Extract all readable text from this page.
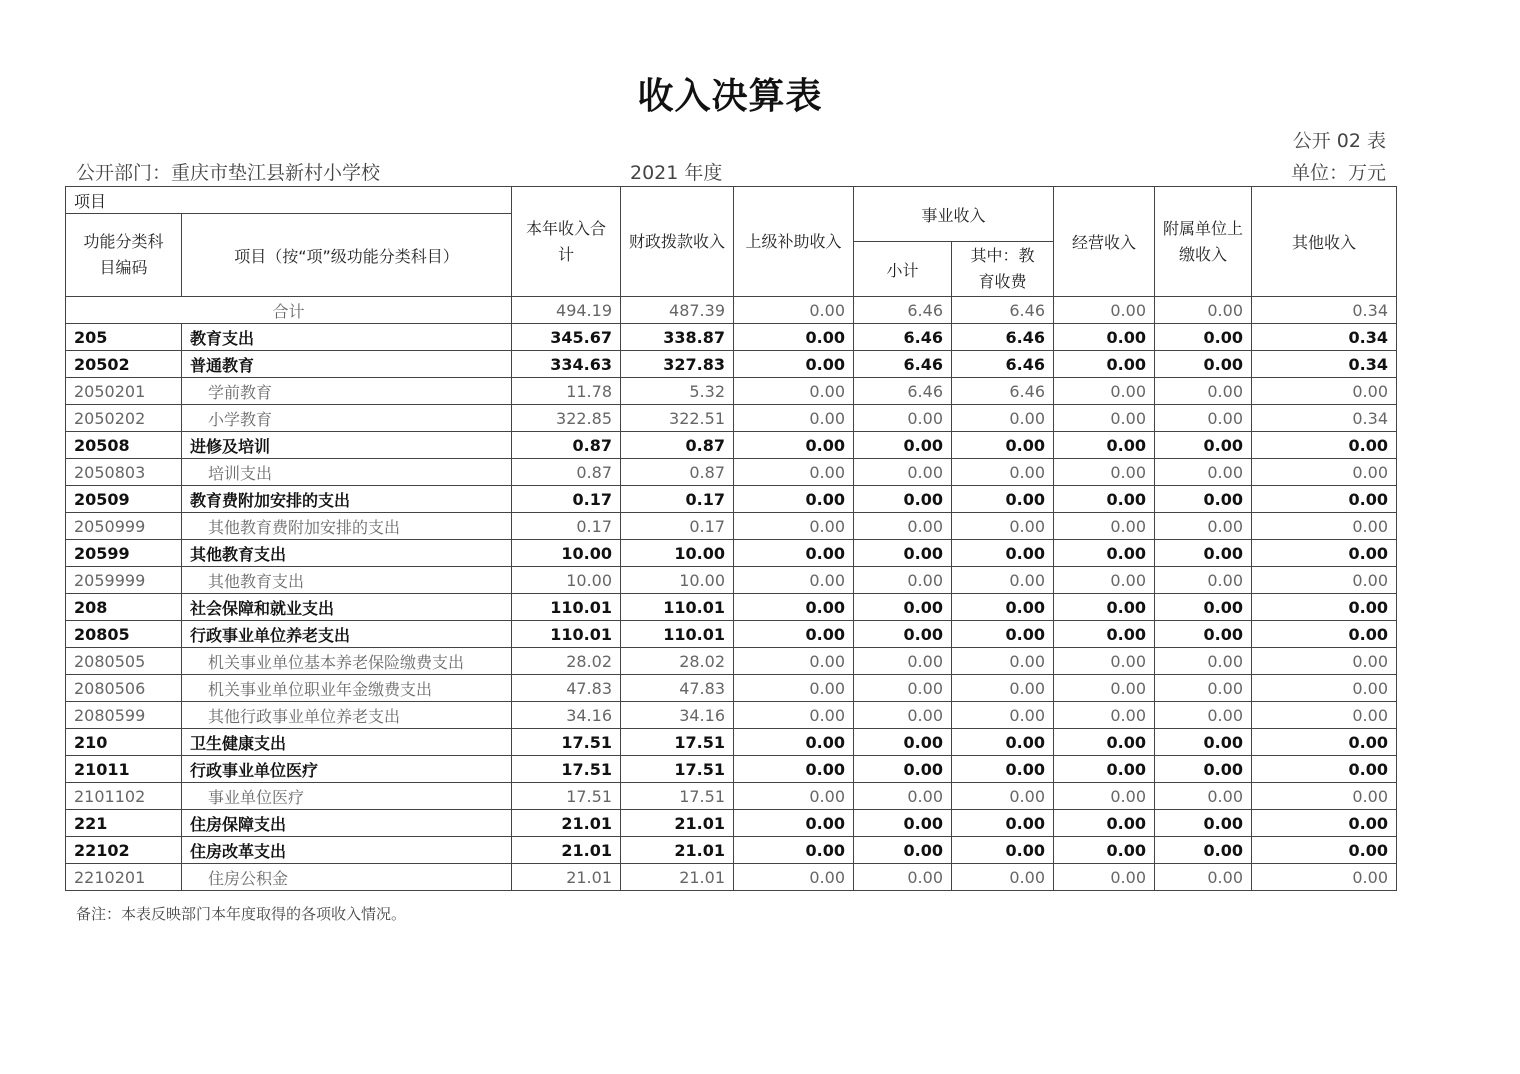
收入决算表
公开 02 表
公开部门：重庆市垫江县新村小学校	2021 年度	单位：万元
项目		本年收入合计	财政拨款收入	上级补助收入	事业收入		经营收入	附属单位上缴收入	其他收入
功能分类科目编码	项目（按“项”级功能分类科目）								
					小计	其中：教育收费			
合计		494.19	487.39	0.00	6.46	6.46	0.00	0.00	0.34
205	教育支出	345.67	338.87	0.00	6.46	6.46	0.00	0.00	0.34
20502	普通教育	334.63	327.83	0.00	6.46	6.46	0.00	0.00	0.34
2050201	学前教育	11.78	5.32	0.00	6.46	6.46	0.00	0.00	0.00
2050202	小学教育	322.85	322.51	0.00	0.00	0.00	0.00	0.00	0.34
20508	进修及培训	0.87	0.87	0.00	0.00	0.00	0.00	0.00	0.00
2050803	培训支出	0.87	0.87	0.00	0.00	0.00	0.00	0.00	0.00
20509	教育费附加安排的支出	0.17	0.17	0.00	0.00	0.00	0.00	0.00	0.00
2050999	其他教育费附加安排的支出	0.17	0.17	0.00	0.00	0.00	0.00	0.00	0.00
20599	其他教育支出	10.00	10.00	0.00	0.00	0.00	0.00	0.00	0.00
2059999	其他教育支出	10.00	10.00	0.00	0.00	0.00	0.00	0.00	0.00
208	社会保障和就业支出	110.01	110.01	0.00	0.00	0.00	0.00	0.00	0.00
20805	行政事业单位养老支出	110.01	110.01	0.00	0.00	0.00	0.00	0.00	0.00
2080505	机关事业单位基本养老保险缴费支出	28.02	28.02	0.00	0.00	0.00	0.00	0.00	0.00
2080506	机关事业单位职业年金缴费支出	47.83	47.83	0.00	0.00	0.00	0.00	0.00	0.00
2080599	其他行政事业单位养老支出	34.16	34.16	0.00	0.00	0.00	0.00	0.00	0.00
210	卫生健康支出	17.51	17.51	0.00	0.00	0.00	0.00	0.00	0.00
21011	行政事业单位医疗	17.51	17.51	0.00	0.00	0.00	0.00	0.00	0.00
2101102	事业单位医疗	17.51	17.51	0.00	0.00	0.00	0.00	0.00	0.00
221	住房保障支出	21.01	21.01	0.00	0.00	0.00	0.00	0.00	0.00
22102	住房改革支出	21.01	21.01	0.00	0.00	0.00	0.00	0.00	0.00
2210201	住房公积金	21.01	21.01	0.00	0.00	0.00	0.00	0.00	0.00
备注：本表反映部门本年度取得的各项收入情况。
